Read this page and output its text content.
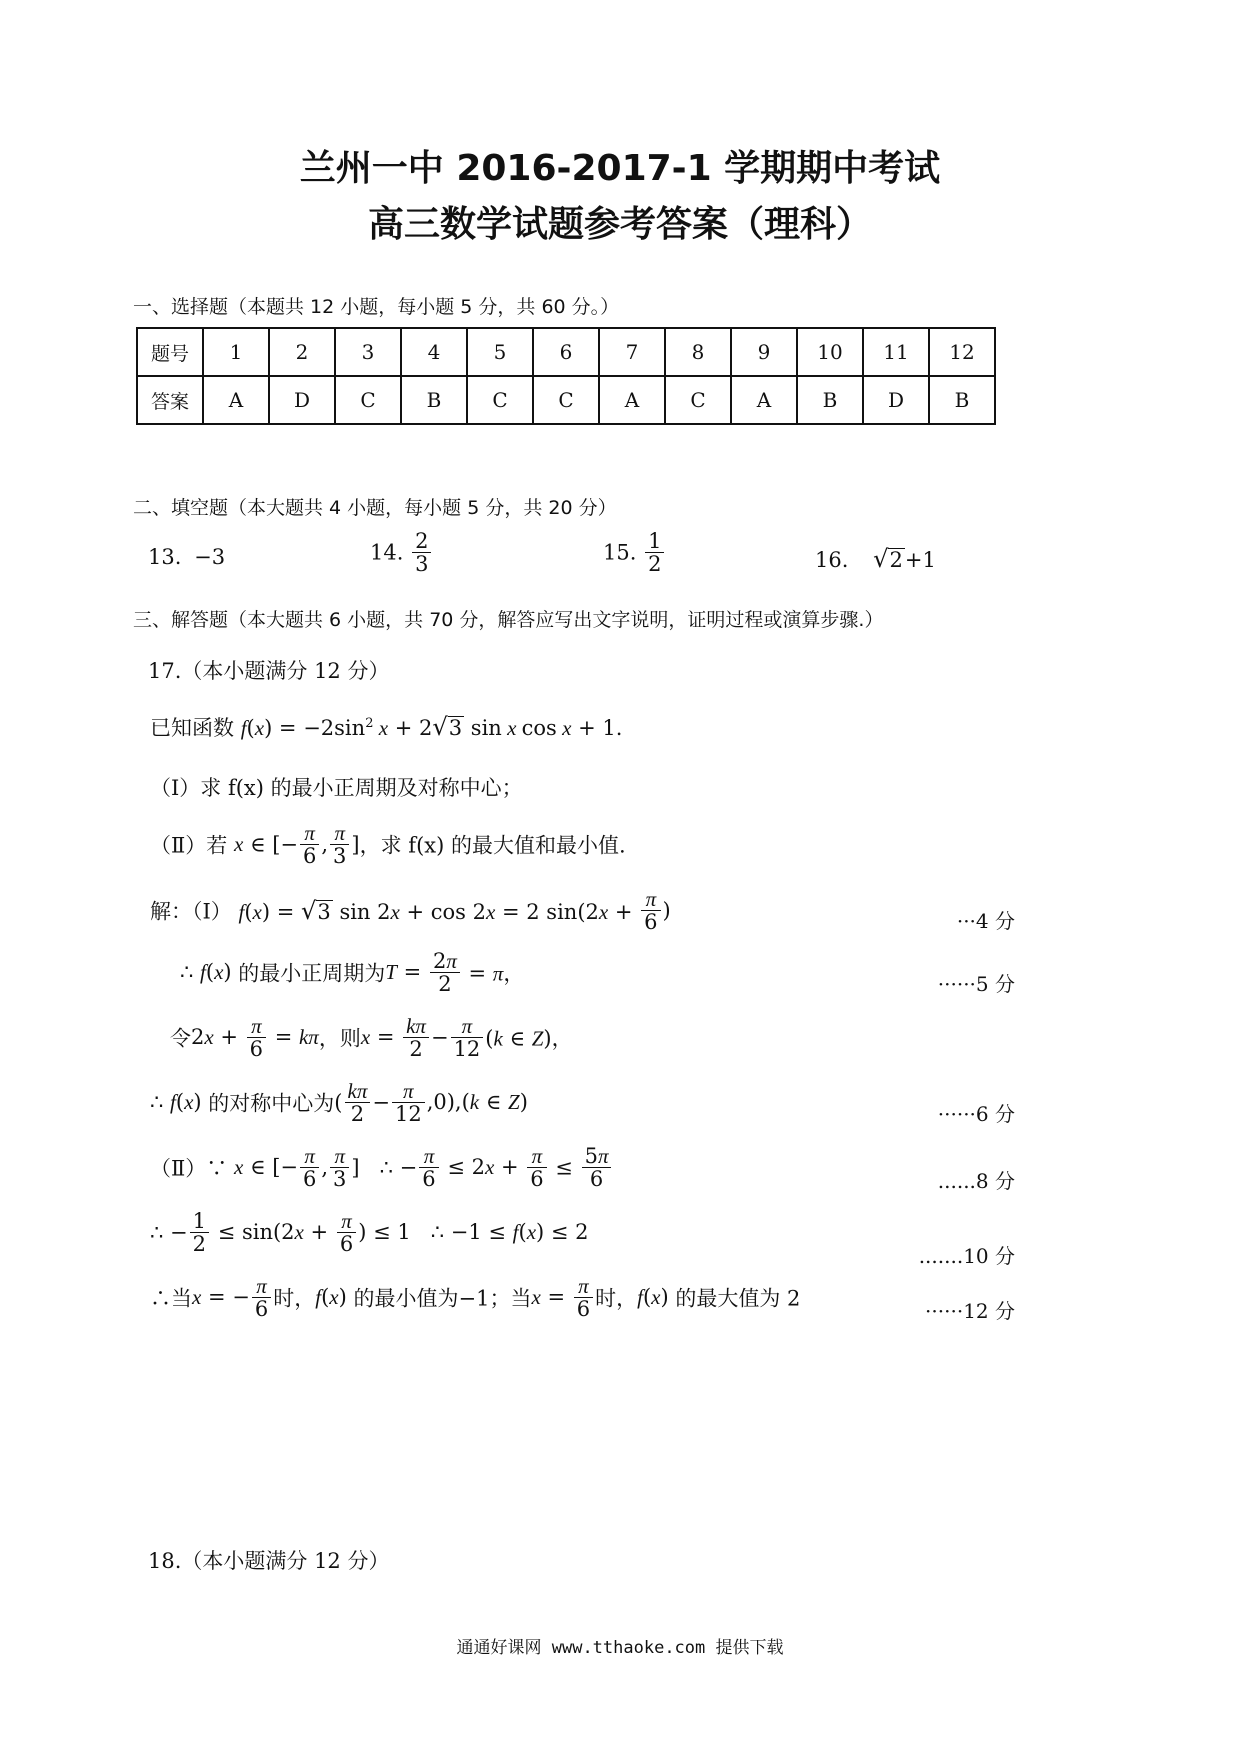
兰州一中 2016-2017-1 学期期中考试
高三数学试题参考答案（理科）
一、选择题（本题共 12 小题，每小题 5 分，共 60 分。）
题号	1	2	3	4	5	6	7	8	9	10	11	12
答案	A	D	C	B	C	C	A	C	A	B	D	B
二、填空题（本大题共 4 小题，每小题 5 分，共 20 分）
13. −3	14. $\frac{2}{3}$	15. $\frac{1}{2}$	16. √2+1
三、解答题（本大题共 6 小题，共 70 分，解答应写出文字说明，证明过程或演算步骤.）
17.（本小题满分 12 分）
已知函数 $f(x) = -2\sin^2$ x + 2√3 sin x cos x + 1.
（Ⅰ）求 f(x) 的最小正周期及对称中心；
（Ⅱ）若 x ∈ [− $\frac{\pi}{6}$ , $\frac{\pi}{3}$ ]，求 f(x) 的最大值和最小值.
解：（Ⅰ） f(x) = √3 sin 2x + cos 2x = 2 $\sin(2x + \frac{\pi}{6}$ )	···4 分
∴ f(x) 的最小正周期为$T = \frac{2\pi}{2} = \pi$，	······5 分
令$2x + \frac{\pi}{6} = k\pi$，则$x = \frac{k\pi}{2} - \frac{\pi}{12} (k$ ∈ Z)，
∴ f(x) 的对称中心为( $\frac{k\pi}{2} - \frac{\pi}{12} ,0),(k$ ∈ Z)	······6 分
（Ⅱ）∵ x ∈ [− $\frac{\pi}{6}$ , $\frac{\pi}{3}$ ]   ∴ − $\frac{\pi}{6} \le 2x + \frac{\pi}{6} \le \frac{5\pi}{6}$	......8 分
∴ − $\frac{1}{2} \le \sin(2x + \frac{\pi}{6}$ ) ≤ 1   ∴ −1 ≤ f(x) ≤ 2
.......10 分
∴当x = − $\frac{\pi}{6}$ 时，f(x) 的最小值为−1；当$x = \frac{\pi}{6}$ 时，f(x) 的最大值为 2
······12 分
18.（本小题满分 12 分）
通通好课网 www.tthaoke.com 提供下载
